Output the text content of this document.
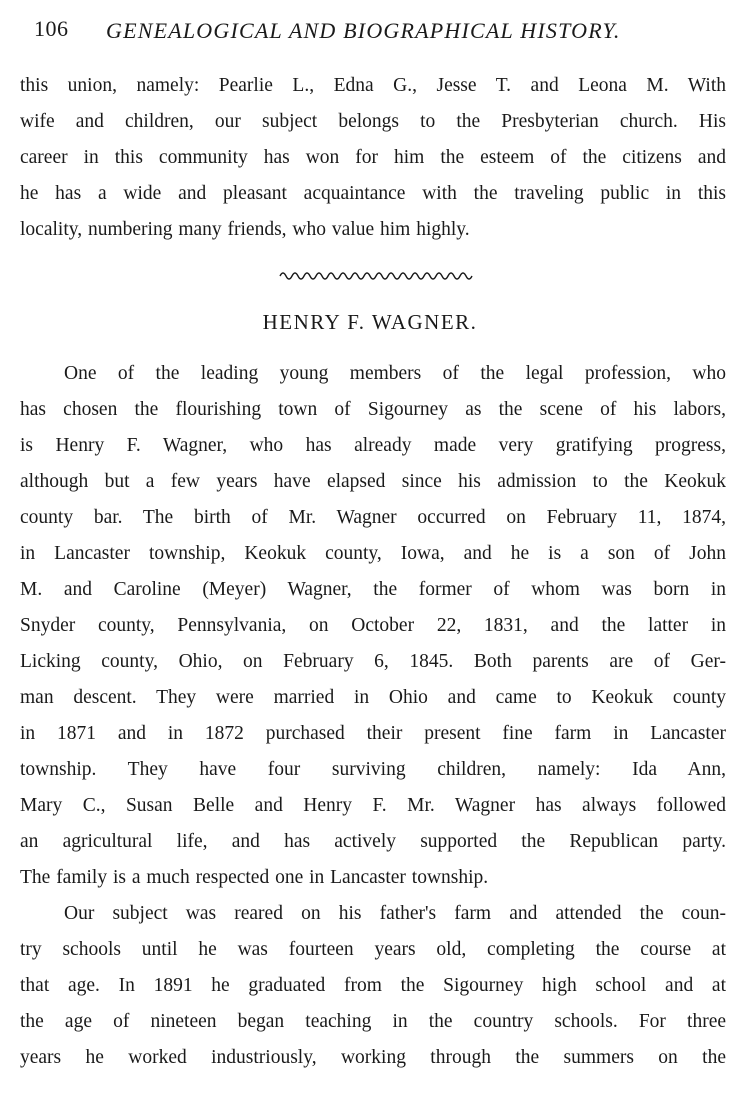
106 GENEALOGICAL AND BIOGRAPHICAL HISTORY.
this union, namely: Pearlie L., Edna G., Jesse T. and Leona M. With
wife and children, our subject belongs to the Presbyterian church. His
career in this community has won for him the esteem of the citizens and
he has a wide and pleasant acquaintance with the traveling public in this
locality, numbering many friends, who value him highly.
HENRY F. WAGNER.
One of the leading young members of the legal profession, who
has chosen the flourishing town of Sigourney as the scene of his labors,
is Henry F. Wagner, who has already made very gratifying progress,
although but a few years have elapsed since his admission to the Keokuk
county bar. The birth of Mr. Wagner occurred on February 11, 1874,
in Lancaster township, Keokuk county, Iowa, and he is a son of John
M. and Caroline (Meyer) Wagner, the former of whom was born in
Snyder county, Pennsylvania, on October 22, 1831, and the latter in
Licking county, Ohio, on February 6, 1845. Both parents are of Ger-
man descent. They were married in Ohio and came to Keokuk county
in 1871 and in 1872 purchased their present fine farm in Lancaster
township. They have four surviving children, namely: Ida Ann,
Mary C., Susan Belle and Henry F. Mr. Wagner has always followed
an agricultural life, and has actively supported the Republican party.
The family is a much respected one in Lancaster township.
Our subject was reared on his father's farm and attended the coun-
try schools until he was fourteen years old, completing the course at
that age. In 1891 he graduated from the Sigourney high school and at
the age of nineteen began teaching in the country schools. For three
years he worked industriously, working through the summers on the
